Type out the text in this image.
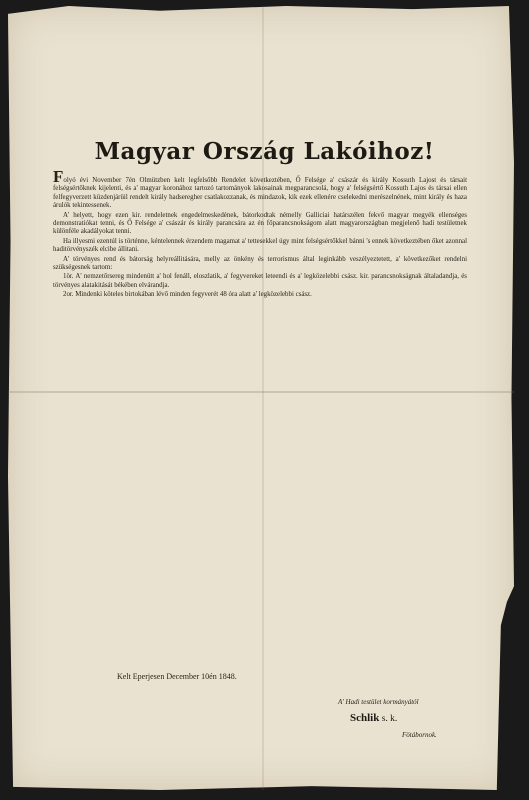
Magyar Ország Lakóihoz!

Folyó évi November 7én Olmützben kelt legfelsőbb Rendelet következtében, Ő Felsége a' császár és király Kossuth Lajost és társait felségsértőknek kijelenti, és a' magyar koronához tartozó tartományok lakosainak megparancsolá, hogy a' felségsértő Kossuth Lajos és társai ellen felfegyverzett küzdenjárüil rendelt király hadseregher csatlakozzanak, és mindazok, kik ezek ellenére cselekedni merészelnének, mint király és haza árulók tekintessenek.

A' helyett, hogy ezen kir. rendeletnek engedelmeskedének, bátorkodtak némelly Galliciai határszélen fekvő magyar megyék ellenséges demonstratiókat tenni, és Ő Felsége a' császár és király parancsára az én főparancsnokságom alatt magyarországban megjelenő hadi testületnek különféle akadályokat tenni.

Ha illyesmi ezentúl is történne, kéntelennek érzendem magamat a' tettesekkel úgy mint felségsértőkkel bánni 's ennek következtében őket azonnal haditörvényszék elcibe állitani.

A' törvényes rend és bátorság helyreállitására, melly az önkény és terrorismus által leginkább veszélyeztetett, a' következőket rendelni szükségesnek tartom:

1ör. A' nemzetőrsereg mindenütt a' hol fenáll, eloszlatik, a' fegyvereket leteendi és a' legközelebbi csász. kir. parancsnokságnak általadandja, és törvényes alatakitását békében elvárandja.

2or. Mindenki köteles birtokában lévő minden fegyverét 48 óra alatt a' legközelebbi csász.

Kelt Eperjesen December 10én 1848.
A' Hadi testület kormányától
Schlik s. k.
Fötábornok.
